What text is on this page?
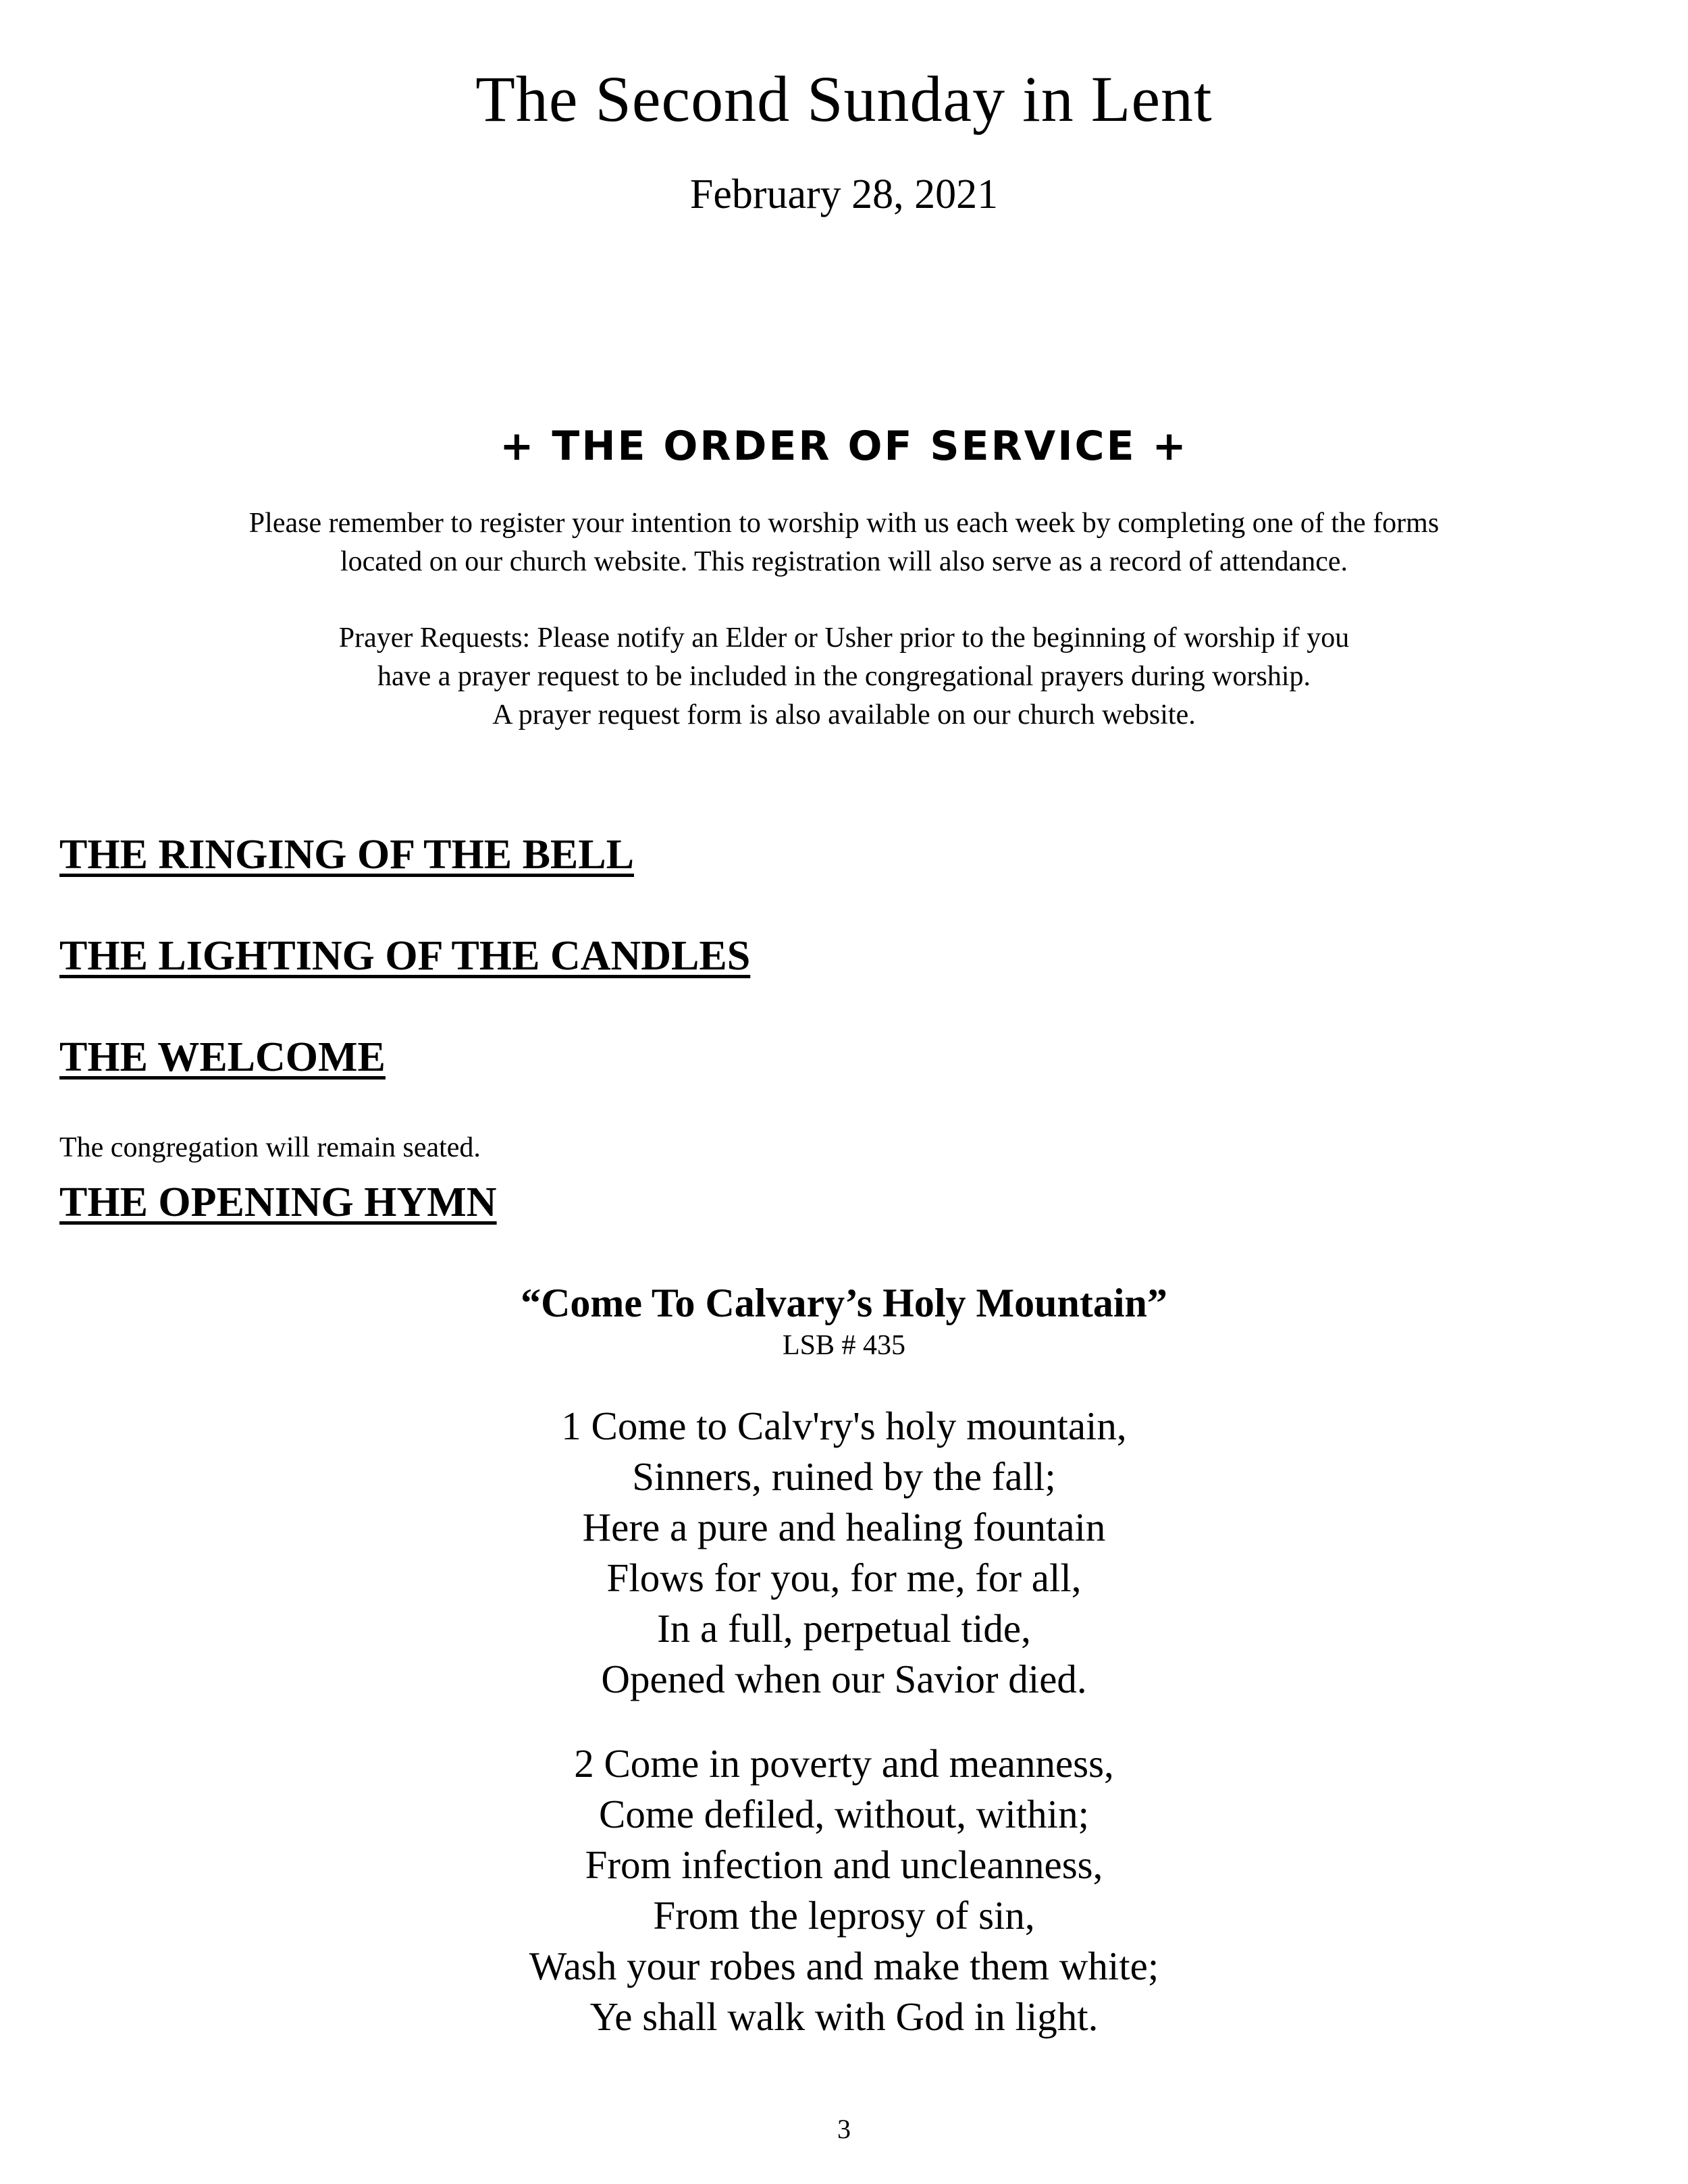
The Second Sunday in Lent
February 28, 2021
+ THE ORDER OF SERVICE +

Please remember to register your intention to worship with us each week by completing one of the forms

located on our church website. This registration will also serve as a record of attendance.

Prayer Requests: Please notify an Elder or Usher prior to the beginning of worship if you

have a prayer request to be included in the congregational prayers during worship.

A prayer request form is also available on our church website.

THE RINGING OF THE BELL
THE LIGHTING OF THE CANDLES
THE WELCOME
The congregation will remain seated.
THE OPENING HYMN
“Come To Calvary’s Holy Mountain”
LSB # 435
1 Come to Calv'ry's holy mountain,
Sinners, ruined by the fall;
Here a pure and healing fountain
Flows for you, for me, for all,
In a full, perpetual tide,
Opened when our Savior died.
2 Come in poverty and meanness,
Come defiled, without, within;
From infection and uncleanness,
From the leprosy of sin,
Wash your robes and make them white;
Ye shall walk with God in light.
3
